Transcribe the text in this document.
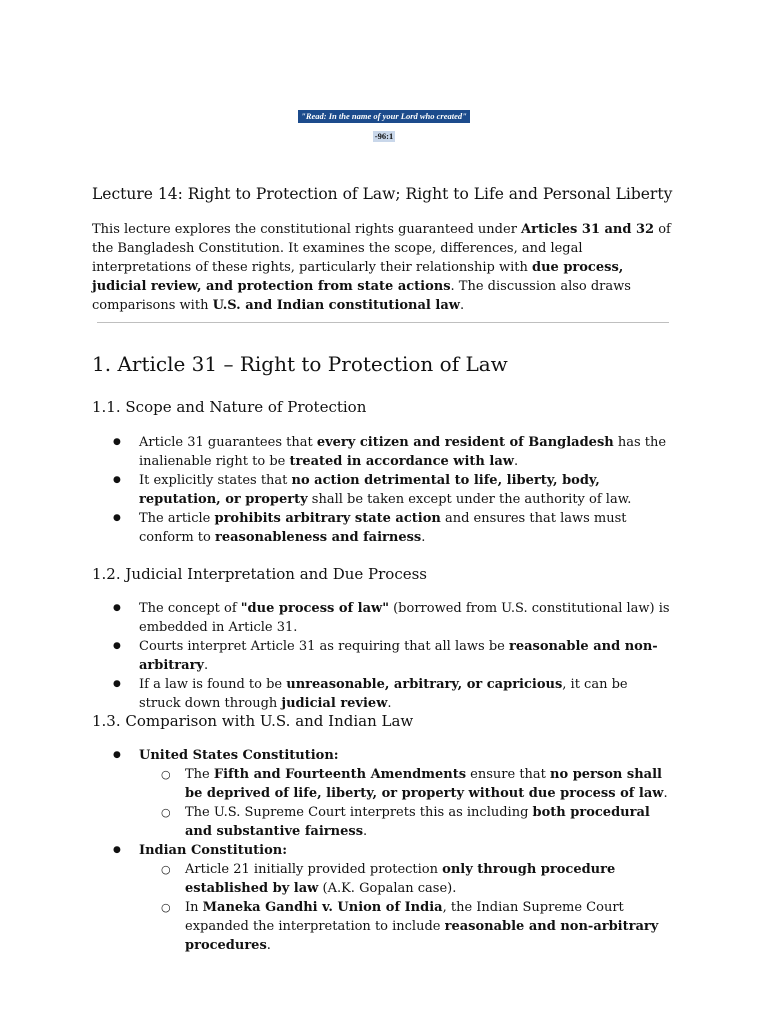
"Read: In the name of your Lord who created"
-96:1
Lecture 14: Right to Protection of Law; Right to Life and Personal Liberty

This lecture explores the constitutional rights guaranteed under Articles 31 and 32 of the Bangladesh Constitution. It examines the scope, differences, and legal interpretations of these rights, particularly their relationship with due process, judicial review, and protection from state actions. The discussion also draws comparisons with U.S. and Indian constitutional law.

1. Article 31 – Right to Protection of Law
1.1. Scope and Nature of Protection
● Article 31 guarantees that every citizen and resident of Bangladesh has the inalienable right to be treated in accordance with law.
● It explicitly states that no action detrimental to life, liberty, body, reputation, or property shall be taken except under the authority of law.
● The article prohibits arbitrary state action and ensures that laws must conform to reasonableness and fairness.
1.2. Judicial Interpretation and Due Process
● The concept of "due process of law" (borrowed from U.S. constitutional law) is embedded in Article 31.
● Courts interpret Article 31 as requiring that all laws be reasonable and non-arbitrary.
● If a law is found to be unreasonable, arbitrary, or capricious, it can be struck down through judicial review.
1.3. Comparison with U.S. and Indian Law
● United States Constitution:
○ The Fifth and Fourteenth Amendments ensure that no person shall be deprived of life, liberty, or property without due process of law.
○ The U.S. Supreme Court interprets this as including both procedural and substantive fairness.
● Indian Constitution:
○ Article 21 initially provided protection only through procedure established by law (A.K. Gopalan case).
○ In Maneka Gandhi v. Union of India, the Indian Supreme Court expanded the interpretation to include reasonable and non-arbitrary procedures.
